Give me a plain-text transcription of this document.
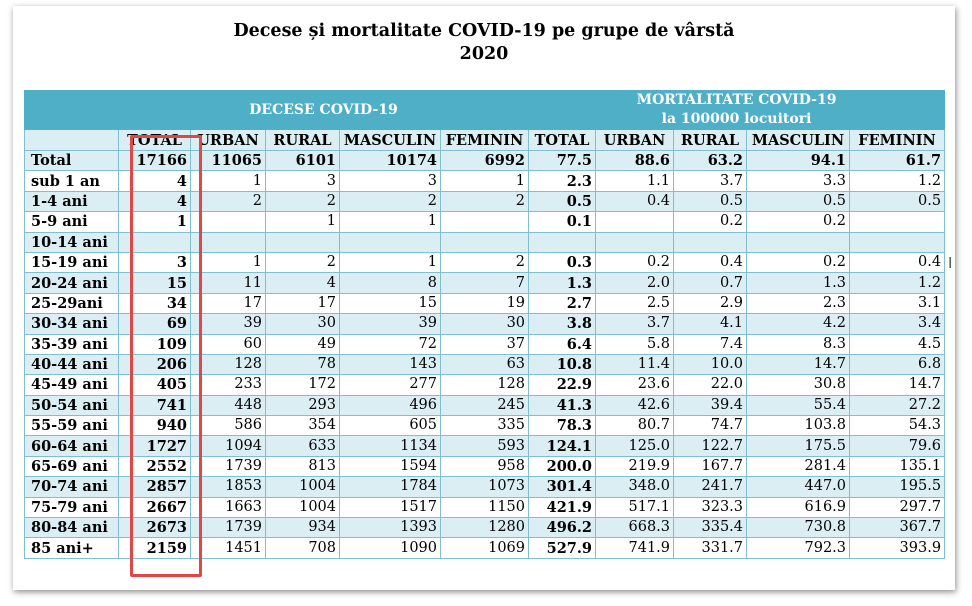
Decese și mortalitate COVID-19 pe grupe de vârstă
2020
	DECESE COVID-19					MORTALITATE COVID-19
la 100000 locuitori				

	TOTAL	URBAN	RURAL	MASCULIN	FEMININ	TOTAL	URBAN	RURAL	MASCULIN	FEMININ
Total	17166	11065	6101	10174	6992	77.5	88.6	63.2	94.1	61.7
sub 1 an	4	1	3	3	1	2.3	1.1	3.7	3.3	1.2
1-4 ani	4	2	2	2	2	0.5	0.4	0.5	0.5	0.5
5-9 ani	1		1	1		0.1		0.2	0.2	
10-14 ani										
15-19 ani	3	1	2	1	2	0.3	0.2	0.4	0.2	0.4
20-24 ani	15	11	4	8	7	1.3	2.0	0.7	1.3	1.2
25-29ani	34	17	17	15	19	2.7	2.5	2.9	2.3	3.1
30-34 ani	69	39	30	39	30	3.8	3.7	4.1	4.2	3.4
35-39 ani	109	60	49	72	37	6.4	5.8	7.4	8.3	4.5
40-44 ani	206	128	78	143	63	10.8	11.4	10.0	14.7	6.8
45-49 ani	405	233	172	277	128	22.9	23.6	22.0	30.8	14.7
50-54 ani	741	448	293	496	245	41.3	42.6	39.4	55.4	27.2
55-59 ani	940	586	354	605	335	78.3	80.7	74.7	103.8	54.3
60-64 ani	1727	1094	633	1134	593	124.1	125.0	122.7	175.5	79.6
65-69 ani	2552	1739	813	1594	958	200.0	219.9	167.7	281.4	135.1
70-74 ani	2857	1853	1004	1784	1073	301.4	348.0	241.7	447.0	195.5
75-79 ani	2667	1663	1004	1517	1150	421.9	517.1	323.3	616.9	297.7
80-84 ani	2673	1739	934	1393	1280	496.2	668.3	335.4	730.8	367.7
85 ani+	2159	1451	708	1090	1069	527.9	741.9	331.7	792.3	393.9
I
